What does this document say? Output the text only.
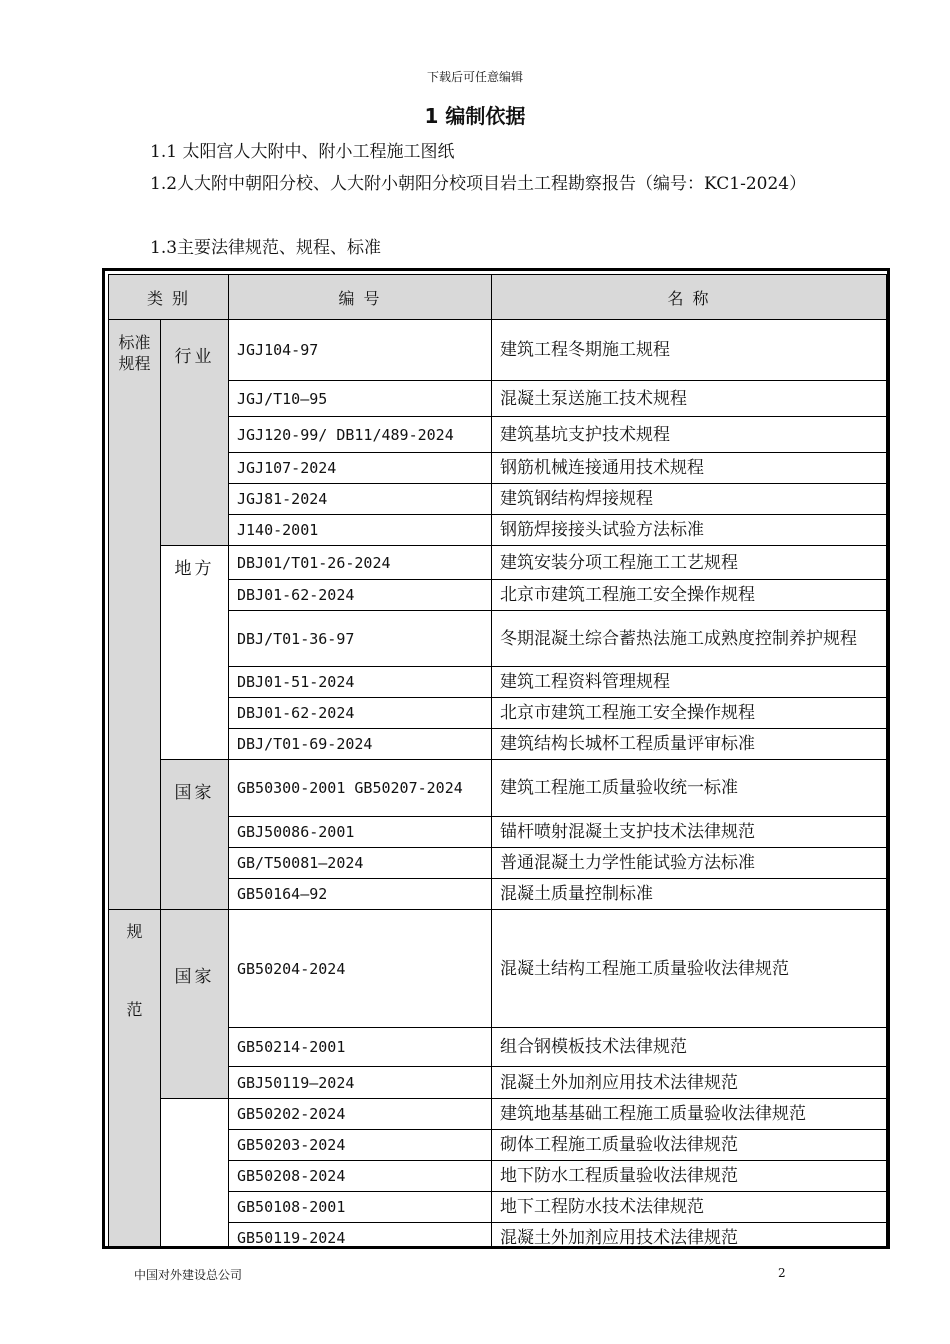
下载后可任意编辑
1 编制依据
1.1 太阳宫人大附中、附小工程施工图纸
1.2人大附中朝阳分校、人大附小朝阳分校项目岩土工程勘察报告（编号：KC1-2024）
1.3主要法律规范、规程、标准
类 别		编 号	名 称
标准规程	行业	JGJ104-97	建筑工程冬期施工规程
		JGJ/T10—95	混凝土泵送施工技术规程
		JGJ120-99/ DB11/489-2024	建筑基坑支护技术规程
		JGJ107-2024	钢筋机械连接通用技术规程
		JGJ81-2024	建筑钢结构焊接规程
		J140-2001	钢筋焊接接头试验方法标准
	地方	DBJ01/T01-26-2024	建筑安装分项工程施工工艺规程
		DBJ01-62-2024	北京市建筑工程施工安全操作规程
		DBJ/T01-36-97	冬期混凝土综合蓄热法施工成熟度控制养护规程
		DBJ01-51-2024	建筑工程资料管理规程
		DBJ01-62-2024	北京市建筑工程施工安全操作规程
		DBJ/T01-69-2024	建筑结构长城杯工程质量评审标准
	国家	GB50300-2001 GB50207-2024	建筑工程施工质量验收统一标准
		GBJ50086-2001	锚杆喷射混凝土支护技术法律规范
		GB/T50081—2024	普通混凝土力学性能试验方法标准
		GB50164—92	混凝土质量控制标准

规
范	国家	GB50204-2024	混凝土结构工程施工质量验收法律规范
		GB50214-2001	组合钢模板技术法律规范
		GBJ50119—2024	混凝土外加剂应用技术法律规范
		GB50202-2024	建筑地基基础工程施工质量验收法律规范
		GB50203-2024	砌体工程施工质量验收法律规范
		GB50208-2024	地下防水工程质量验收法律规范
		GB50108-2001	地下工程防水技术法律规范
		GB50119-2024	混凝土外加剂应用技术法律规范
中国对外建设总公司	2
